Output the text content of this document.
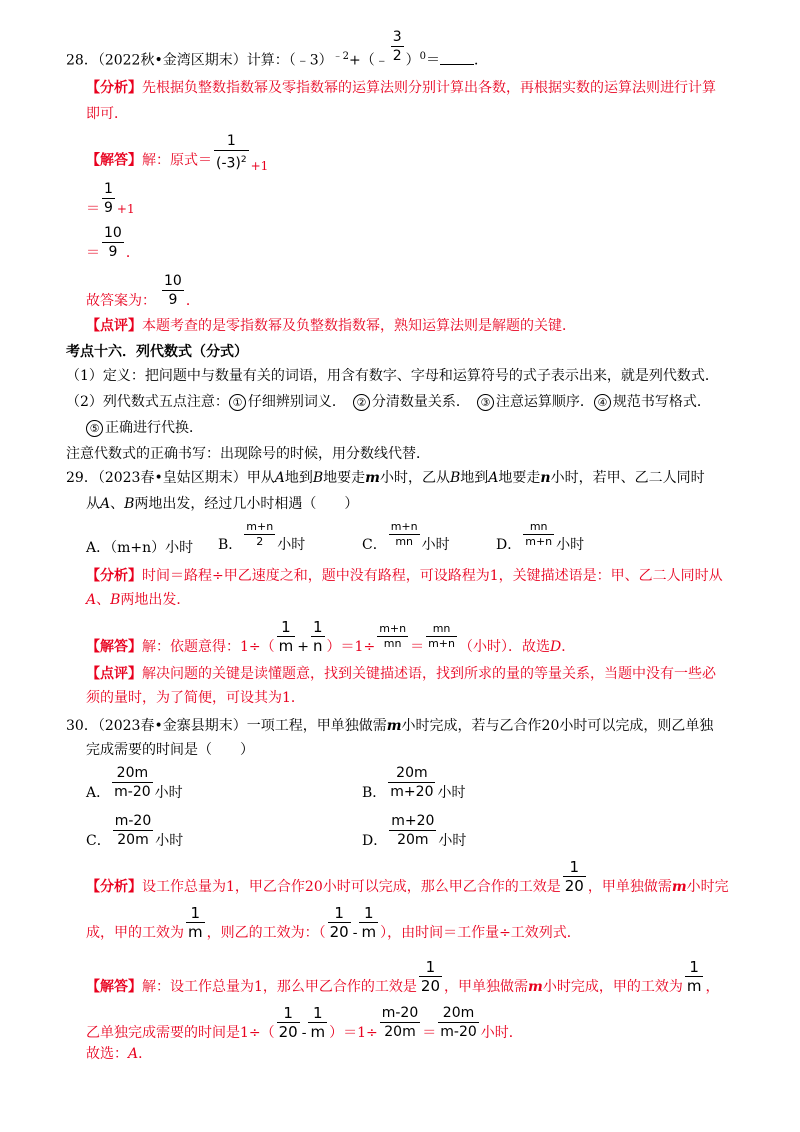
28．（2022秋•金湾区期末）计算：（﹣3）$^{﹣2}$+（﹣ $\frac{3}{2} )^0=$ ．
【分析】先根据负整数指数幂及零指数幂的运算法则分别计算出各数，再根据实数的运算法则进行计算
即可．
【解答】解：原式＝ $\frac{1}{(-3)^2} +1$
＝ $\frac{1}{9} +1$
＝ $\frac{10}{9}$ ．
故答案为： $\frac{10}{9}$ ．
【点评】本题考查的是零指数幂及负整数指数幂，熟知运算法则是解题的关键．
考点十六．列代数式（分式）
（1）定义：把问题中与数量有关的词语，用含有数字、字母和运算符号的式子表示出来，就是列代数式．
（2）列代数式五点注意： ① 仔细辨别词义．　 ② 分清数量关系．　 ③ 注意运算顺序． ④ 规范书写格式．
⑤ 正确进行代换．
注意代数式的正确书写：出现除号的时候，用分数线代替．
29．（2023春•皇姑区期末）甲从A地到B地要走m小时，乙从B地到A地要走n小时，若甲、乙二人同时
从A、B两地出发，经过几小时相遇（　　）
A．（m+n）小时 B． $\frac{m+n}{2}$ 小时	C． $\frac{m+n}{mn}$ 小时	D． $\frac{mn}{m+n}$ 小时
【分析】时间＝路程÷甲乙速度之和，题中没有路程，可设路程为1，关键描述语是：甲、乙二人同时从
A、B两地出发．
【解答】解：依题意得：$1\div( \frac{1}{m} + \frac{1}{n} )=1\div \frac{m+n}{mn} = \frac{mn}{m+n}$ （小时）．故选D．
【点评】解决问题的关键是读懂题意，找到关键描述语，找到所求的量的等量关系，当题中没有一些必
须的量时，为了简便，可设其为1．
30．（2023春•金寨县期末）一项工程，甲单独做需m小时完成，若与乙合作20小时可以完成，则乙单独
完成需要的时间是（　　）
A． $\frac{20m}{m-20}$ 小时	B． $\frac{20m}{m+20}$ 小时
C． $\frac{m-20}{20m}$ 小时	D． $\frac{m+20}{20m}$ 小时
【分析】设工作总量为1，甲乙合作20小时可以完成，那么甲乙合作的工效是 $\frac{1}{20}$ ，甲单独做需m小时完
成，甲的工效为 $\frac{1}{m}$ ，则乙的工效为：（ $\frac{1}{20} - \frac{1}{m}$ ），由时间＝工作量÷工效列式．
【解答】解：设工作总量为1，那么甲乙合作的工效是 $\frac{1}{20}$ ，甲单独做需m小时完成，甲的工效为 $\frac{1}{m}$ ，
乙单独完成需要的时间是$1\div( \frac{1}{20} - \frac{1}{m} )=1\div \frac{m-20}{20m} = \frac{20m}{m-20}$ 小时．
故选：A．
